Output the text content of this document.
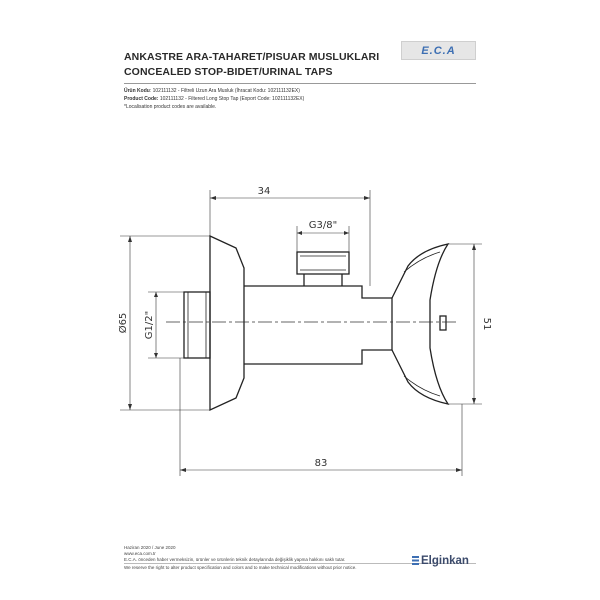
ANKASTRE ARA-TAHARET/PISUAR MUSLUKLARI
CONCEALED STOP-BIDET/URINAL TAPS
E.C.A
Ürün Kodu: 102111132 - Filtreli Uzun Ara Musluk (İhracat Kodu: 102111132EX)
Product Code: 102111132 - Filtered Long Stop Tap (Export Code: 102111132EX)
*Localisation product codes are available.
34
G3/8"
Ø65 G1/2"	51
83
Haziran 2020 / June 2020
www.eca.com.tr
E.C.A. önceden haber vermeksizin, ürünler ve ürünlerin teknik detaylarında değişiklik yapma hakkını saklı tutar.
We reserve the right to alter product specification and colors and to make technical modifications without prior notice.
Elginkan
